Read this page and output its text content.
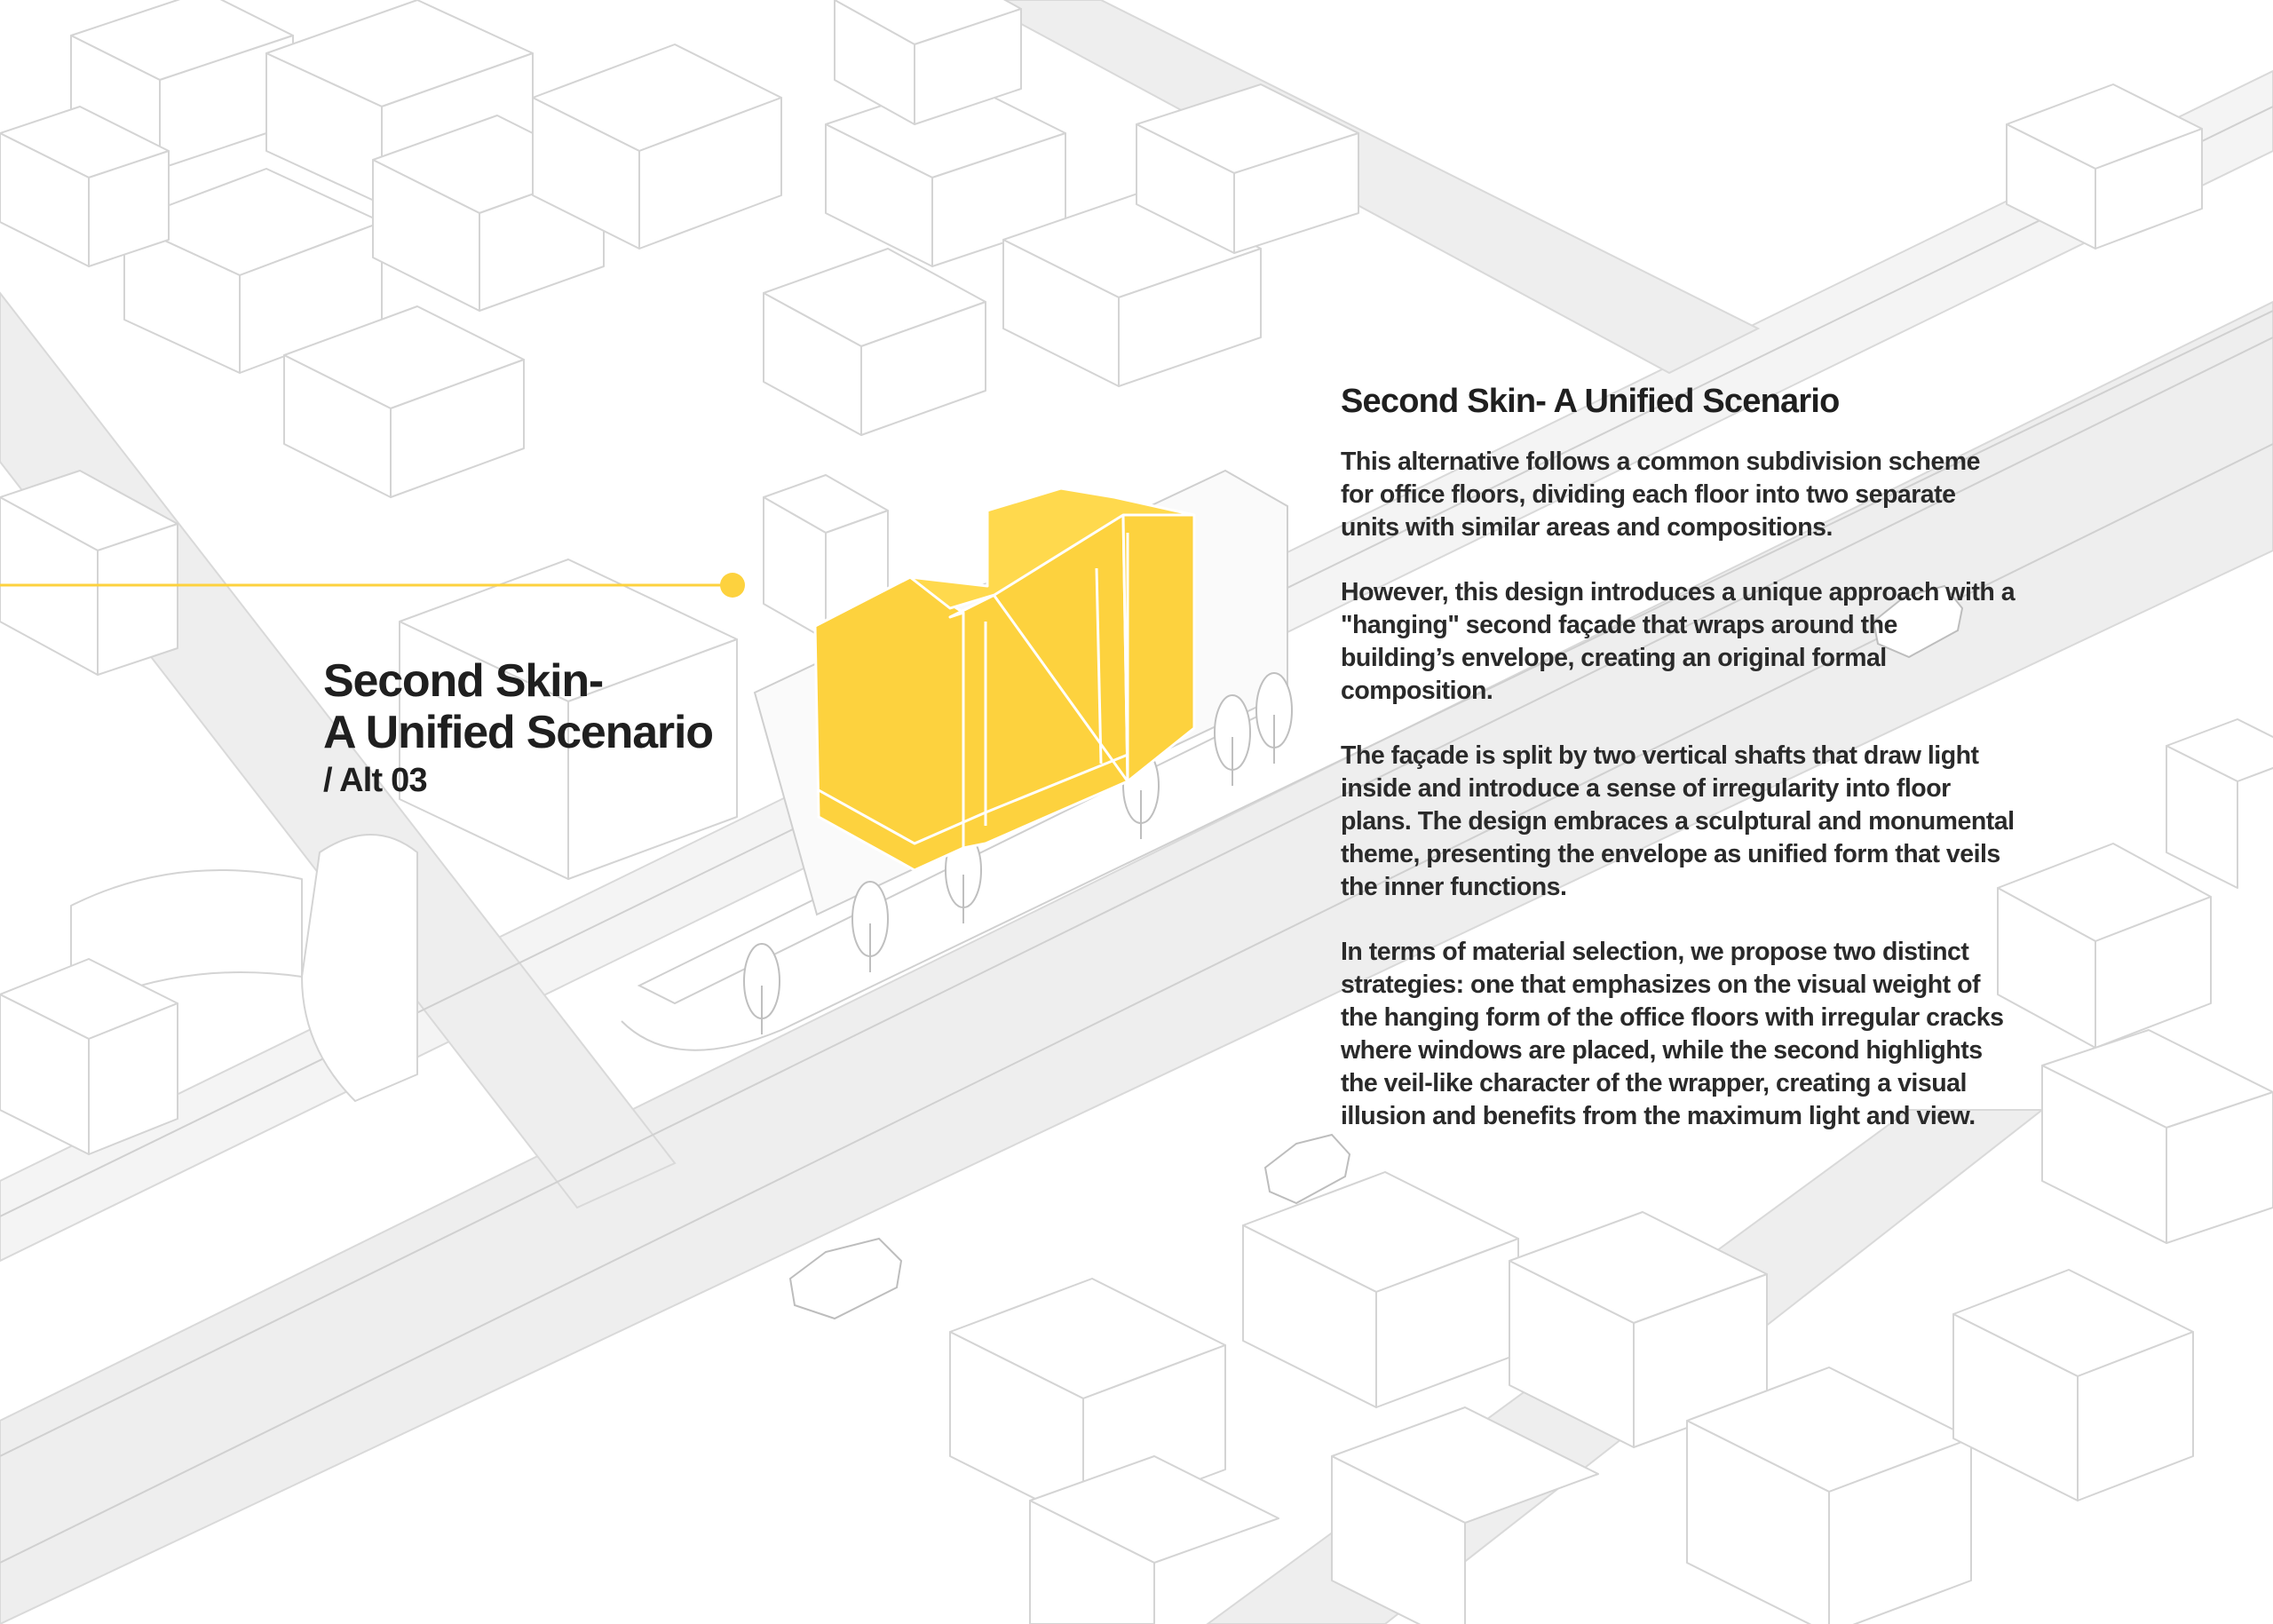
Second Skin-
A Unified Scenario
/ Alt 03
Second Skin- A Unified Scenario

This alternative follows a common subdivision scheme for office floors, dividing each floor into two separate units with similar areas and compositions.

However, this design introduces a unique approach with a "hanging" second façade that wraps around the building’s envelope, creating an original formal composition.

The façade is split by two vertical shafts that draw light inside and introduce a sense of irregularity into floor plans. The design embraces a sculptural and monumental theme, presenting the envelope as unified form that veils the inner functions.

In terms of material selection, we propose two distinct strategies: one that emphasizes on the visual weight of the hanging form of the office floors with irregular cracks where windows are placed, while the second highlights the veil-like character of the wrapper, creating a visual illusion and benefits from the maximum light and view.
